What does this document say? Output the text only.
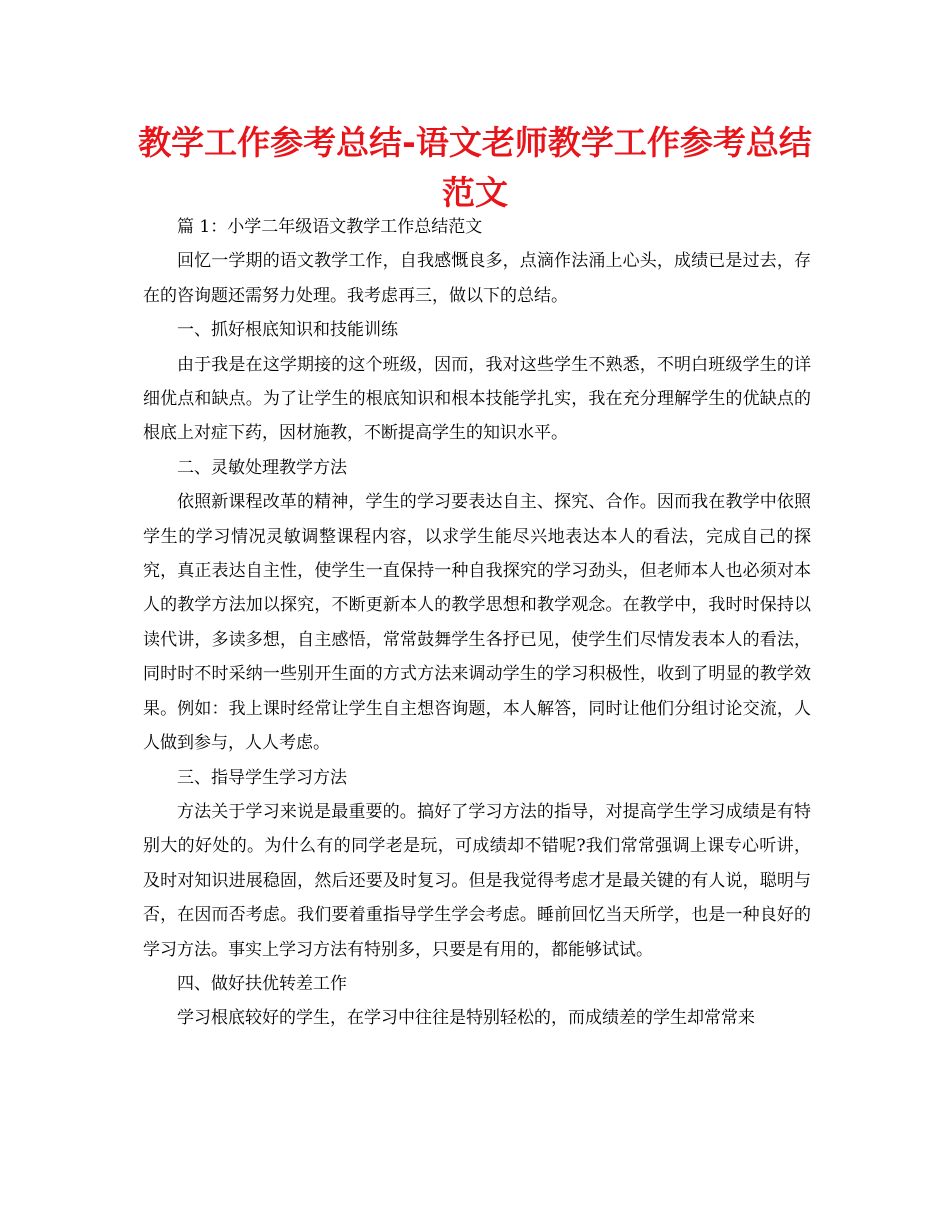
教学工作参考总结-语文老师教学工作参考总结范文

篇 1：小学二年级语文教学工作总结范文

回忆一学期的语文教学工作，自我感慨良多，点滴作法涌上心头，成绩已是过去，存在的咨询题还需努力处理。我考虑再三，做以下的总结。

一、抓好根底知识和技能训练

由于我是在这学期接的这个班级，因而，我对这些学生不熟悉，不明白班级学生的详细优点和缺点。为了让学生的根底知识和根本技能学扎实，我在充分理解学生的优缺点的根底上对症下药，因材施教，不断提高学生的知识水平。

二、灵敏处理教学方法

依照新课程改革的精神，学生的学习要表达自主、探究、合作。因而我在教学中依照学生的学习情况灵敏调整课程内容，以求学生能尽兴地表达本人的看法，完成自己的探究，真正表达自主性，使学生一直保持一种自我探究的学习劲头，但老师本人也必须对本人的教学方法加以探究，不断更新本人的教学思想和教学观念。在教学中，我时时保持以读代讲，多读多想，自主感悟，常常鼓舞学生各抒已见，使学生们尽情发表本人的看法，同时时不时采纳一些别开生面的方式方法来调动学生的学习积极性，收到了明显的教学效果。例如：我上课时经常让学生自主想咨询题，本人解答，同时让他们分组讨论交流，人人做到参与，人人考虑。

三、指导学生学习方法

方法关于学习来说是最重要的。搞好了学习方法的指导，对提高学生学习成绩是有特别大的好处的。为什么有的同学老是玩，可成绩却不错呢?我们常常强调上课专心听讲，及时对知识进展稳固，然后还要及时复习。但是我觉得考虑才是最关键的有人说，聪明与否，在因而否考虑。我们要着重指导学生学会考虑。睡前回忆当天所学，也是一种良好的学习方法。事实上学习方法有特别多，只要是有用的，都能够试试。

四、做好扶优转差工作

学习根底较好的学生，在学习中往往是特别轻松的，而成绩差的学生却常常来
